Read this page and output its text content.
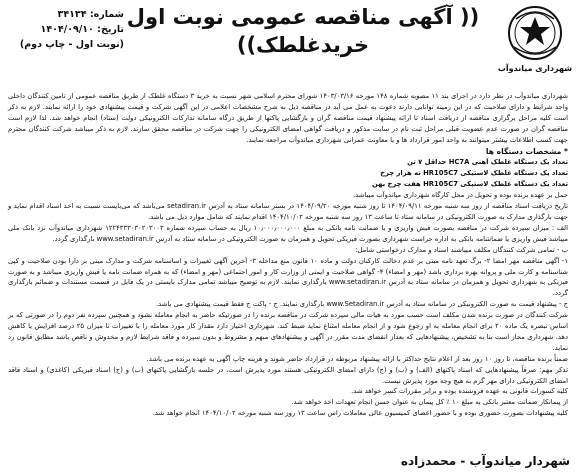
شهرداری میاندوآب
(( آگهی مناقصه عمومی نوبت اول
خریدغلطک))
شماره: ۳۴۱۳۴
تاریخ: ۱۴۰۴/۰۹/۱۰
(نوبت اول - چاپ دوم)

شهرداری میاندوآب در نظر دارد در اجرای بند ۱۱ مصوبه شماره ۱۴۸ مورخه ۱۴۰۳/۰۳/۱۶ شورای محترم اسلامی شهر نسبت به خرید ۳ دستگاه غلطک از طریق مناقصه عمومی از تامین کنندگان داخلی واجد شرایط و دارای صلاحیت که در این زمینه توانایی دارند دعوت به عمل می آید در مناقصه ذیل به شرح مشخصات اعلامی در این آگهی شرکت و قیمت پیشنهادی خود را ارائه نمایند. لازم به ذکر است کلیه مراحل برگزاری مناقصه از دریافت اسناد تا ارائه پیشنهاد قیمت مناقصه گران و بازگشایی پاکتها از طریق درگاه سامانه تدارکات الکترونیکی دولت (ستاد) انجام خواهد شد. لذا لازم است مناقصه گران در صورت عدم عضویت قبلی مراحل ثبت نام در سایت مذکور و دریافت گواهی امضای الکترونیکی را جهت شرکت در مناقصه محقق سازند. لازم به ذکر میباشد شرکت کنندگان محترم جهت کسب اطلاعات بیشتر میتوانند به واحد امور قرارداد ها و یا معاونت عمرانی شهرداری میاندوآب مراجعه نمایند.

* مشخصات دستگاه ها

تعداد یک دستگاه غلطک آهنی HC7A حداقل ۷ تن

تعداد یک دستگاه غلطک لاستیکی HR105C7 نه هزار چرخ

تعداد یک دستگاه غلطک لاستیکی HR105C7 هفت چرخ بهن

حمل بر عهده برنده بوده و تحویل در محل کارگاه شهرداری میاندوآب میباشد.

تاریخ دریافت اسناد مناقصه از روز سه شنبه مورخه ۱۴۰۴/۰۹/۱۱ تا روز شنبه مورخه ۱۴۰۴/۰۹/۲۰ در بستر سامانه ستاد به آدرس setadiran.ir می‌باشد که می‌بایست نسبت به اخذ اسناد اقدام نماید و جهت بارگذاری مدارک به صورت الکترونیکی در سامانه ستاد تا ساعت ۱۳ روز سه شنبه مورخه ۱۴۰۴/۱۰/۰۲ اقدام نمایند که شامل موارد ذیل می باشد.

الف : میزان سپرده شرکت در مناقصه بصورت فیش واریزی و یا ضمانت نامه بانکی به مبلغ ۱۰٫۰۰۰٫۰۰۰٫۰۰۰ ریال به حساب سپرده شماره ۱۲۲۴۳۳۳۰۳۰۲۰۳۰۰۳ شهرداری میاندوآب نزد بانک ملی میباشد فیش واریزی یا ضمانتنامه بانکی به اداره حراست شهرداری بصورت فیزیکی تحویل و همزمان به صورت الکترونیکی در سامانه ستاد به آدرس www.setadiran.ir بارگذاری گردد.

ب - تمامی شرکت کنندگان مکلف میباشند اسناد و مدارک درخواستی شامل:

۱- آگهی مناقصه مهر امضا ۲- برگ تعهد نامه مبنی بر عدم دخالت کارکنان دولت و ماده ۱۰ قانون منع مداخله ۳- آخرین آگهی تغییرات و اساسنامه شرکت و مدارک مبنی بر دارا بودن صلاحیت و کپی شناسنامه و کارت ملی و پروانه بهره برداری باشد (مهر و امضاء) ۴- گواهی صلاحیت و ایمنی از وزارت کار و امور اجتماعی (مهر و امضاء) که به همراه ضمانت نامه یا فیش واریزی میباشد و به صورت فیزیکی به شهرداری تحویل و همزمان در سامانه ستاد به آدرس www.setadiran.ir بارگذاری نمایند. لازم به توضیح میباشد تمامی مدارک بایستی در یک فایل در قسمت مستندات و ضمائم بارگذاری گردد.

ج - پیشنهاد قیمت به صورت الکترونیکی در سامانه ستاد به آدرس www.Setadiran.ir بارگذاری نمایند. ج - پاکت ج فقط قیمت پیشنهادی می باشد.

شرکت کنندگان در صورت برنده شدن مکلف است حسب مورد به هیات مالی سپرده شرکت در مناقصه برنده را در صورتیکه حاضر به انجام معامله نشود و همچنین سپرده نفر دوم را در صورتی که بر اساس تبصره یک ماده ۲۰ برای انجام معامله به او رجوع شود و از انجام معامله امتناع نماید ضبط کند. شهرداری اختیار دارد مقدار کار مورد معامله را با تغییرات تا میزان ۲۵ درصد افزایش یا کاهش دهد. شهرداری مجاز است بنا به تشخیص، پیشنهادهایی که بعداز انقضای مدت مقرر در آگهی و پیشنهادهای مبهم و مشروط و بدون سپرده و فاقد شرایط لازم و مخدوش و ناقص باشد مطابق قانون رد نماید.

ضمناً برنده مناقصه، تا روز ۱۰ روز بعد از اعلام نتایج حداکثر با ارائه پیشنهاد مربوطه در قرارداد حاضر شوند و هزینه چاپ آگهی به عهده برنده می باشد.

تذکر مهم: صرفاً پیشنهادهایی که اسناد پاکتهای (الف) و (ب) و (ج) دارای امضای الکترونیکی هستند مورد پذیرش است. در جلسه بازگشایی پاکتهای (ب) و (ج) اسناد فیزیکی (کاغذی) و اسناد فاقد امضای الکترونیکی دارای مهر گرم به هیچ وجه مورد پذیرش نیست.

کلیه کسورات قانونی به عهده فروشنده بوده و برابر مقررات کسر خواهد شد.

از پیمانکار ضمانت معتبر بانکی به مبلغ ۱۰ ٪ کل پیمان به عنوان حسن انجام تعهدات اخذ خواهد شد.

کلیه پیشنهادات بصورت حضوری بوده و با حضور اعضای کمیسیون عالی معاملات راس ساعت ۱۳ روز سه شنبه مورخه ۱۴۰۴/۱۰/۰۲ انجام خواهد شد.

شهردار میاندوآب - محمدزاده
